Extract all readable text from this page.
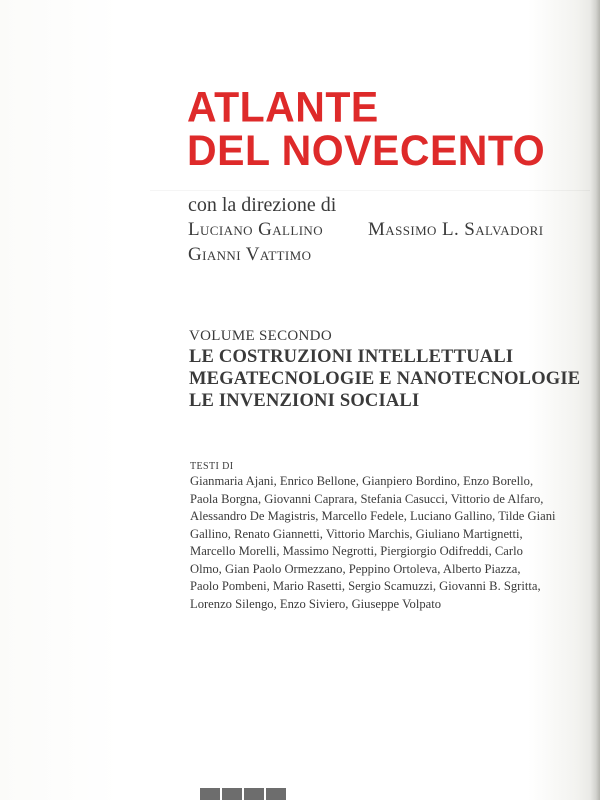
ATLANTE
DEL NOVECENTO
con la direzione di
Luciano Gallino Massimo L. Salvadori
Gianni Vattimo
VOLUME SECONDO
LE COSTRUZIONI INTELLETTUALI
MEGATECNOLOGIE E NANOTECNOLOGIE
LE INVENZIONI SOCIALI
TESTI DI
Gianmaria Ajani, Enrico Bellone, Gianpiero Bordino, Enzo Borello,
Paola Borgna, Giovanni Caprara, Stefania Casucci, Vittorio de Alfaro,
Alessandro De Magistris, Marcello Fedele, Luciano Gallino, Tilde Giani
Gallino, Renato Giannetti, Vittorio Marchis, Giuliano Martignetti,
Marcello Morelli, Massimo Negrotti, Piergiorgio Odifreddi, Carlo
Olmo, Gian Paolo Ormezzano, Peppino Ortoleva, Alberto Piazza,
Paolo Pombeni, Mario Rasetti, Sergio Scamuzzi, Giovanni B. Sgritta,
Lorenzo Silengo, Enzo Siviero, Giuseppe Volpato
